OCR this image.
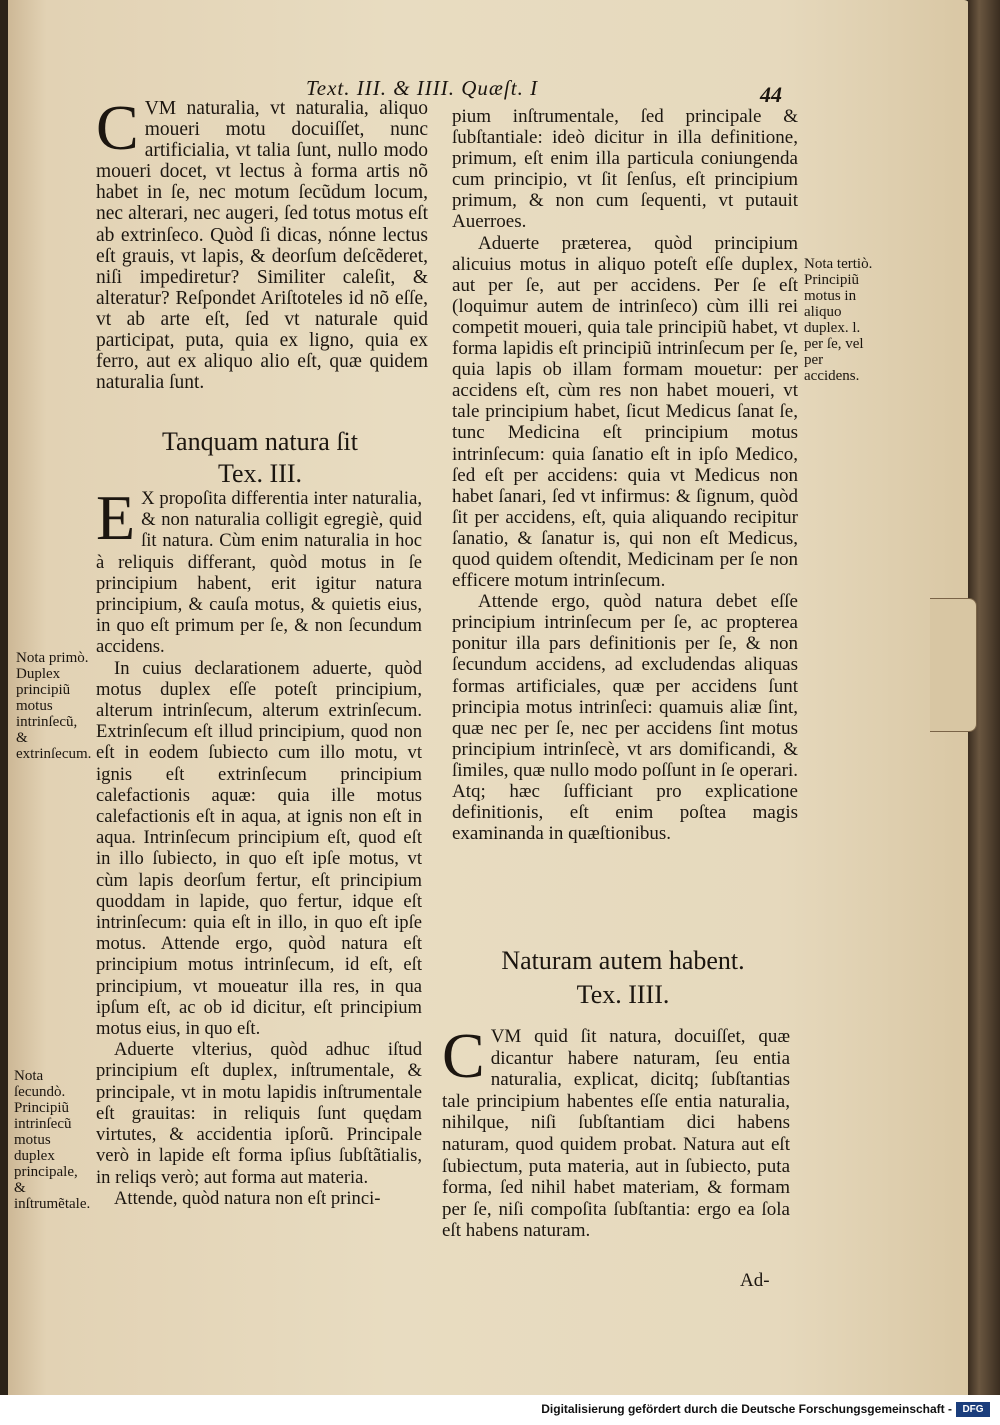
Text. III. & IIII. Quæſt. I	44

CVM naturalia, vt naturalia, aliquo moueri motu docuiſſet, nunc artificialia, vt talia ſunt, nullo modo moueri docet, vt lectus à forma artis nõ habet in ſe, nec motum ſecũdum locum, nec alterari, nec augeri, ſed totus motus eſt ab extrinſeco. Quòd ſi dicas, nónne lectus eſt grauis, vt lapis, & deorſum deſcẽderet, niſi impediretur? Similiter caleſit, & alteratur? Reſpondet Ariſtoteles id nõ eſſe, vt ab arte eſt, ſed vt naturale quid participat, puta, quia ex ligno, quia ex ferro, aut ex aliquo alio eſt, quæ quidem naturalia ſunt.

Tanquam natura ſit
Tex. III.

E X propoſita differentia inter naturalia, & non naturalia colligit egregiè, quid ſit natura. Cùm enim naturalia in hoc à reliquis differant, quòd motus in ſe principium habent, erit igitur natura principium, & cauſa motus, & quietis eius, in quo eſt primum per ſe, & non ſecundum accidens.

In cuius declarationem aduerte, quòd motus duplex eſſe poteſt principium, alterum intrinſecum, alterum extrinſecum. Extrinſecum eſt illud principium, quod non eſt in eodem ſubiecto cum illo motu, vt ignis eſt extrinſecum principium calefactionis aquæ: quia ille motus calefactionis eſt in aqua, at ignis non eſt in aqua. Intrinſecum principium eſt, quod eſt in illo ſubiecto, in quo eſt ipſe motus, vt cùm lapis deorſum fertur, eſt principium quoddam in lapide, quo fertur, idque eſt intrinſecum: quia eſt in illo, in quo eſt ipſe motus. Attende ergo, quòd natura eſt principium motus intrinſecum, id eſt, eſt principium, vt moueatur illa res, in qua ipſum eſt, ac ob id dicitur, eſt principium motus eius, in quo eſt.

Aduerte vlterius, quòd adhuc iſtud principium eſt duplex, inſtrumentale, & principale, vt in motu lapidis inſtrumentale eſt grauitas: in reliquis ſunt quędam virtutes, & accidentia ipſorũ. Principale verò in lapide eſt forma ipſius ſubſtãtialis, in reliqs verò; aut forma aut materia.

Attende, quòd natura non eſt princi-

Nota primò. Duplex principiũ motus intrinſecũ, & extrinſecum.
Nota ſecundò. Principiũ intrinſecũ motus duplex principale, & inſtrumẽtale.

pium inſtrumentale, ſed principale & ſubſtantiale: ideò dicitur in illa definitione, primum, eſt enim illa particula coniungenda cum principio, vt ſit ſenſus, eſt principium primum, & non cum ſequenti, vt putauit Auerroes.

Aduerte præterea, quòd principium alicuius motus in aliquo poteſt eſſe duplex, aut per ſe, aut per accidens. Per ſe eſt (loquimur autem de intrinſeco) cùm illi rei competit moueri, quia tale principiũ habet, vt forma lapidis eſt principiũ intrinſecum per ſe, quia lapis ob illam formam mouetur: per accidens eſt, cùm res non habet moueri, vt tale principium habet, ſicut Medicus ſanat ſe, tunc Medicina eſt principium motus intrinſecum: quia ſanatio eſt in ipſo Medico, ſed eſt per accidens: quia vt Medicus non habet ſanari, ſed vt infirmus: & ſignum, quòd ſit per accidens, eſt, quia aliquando recipitur ſanatio, & ſanatur is, qui non eſt Medicus, quod quidem oſtendit, Medicinam per ſe non efficere motum intrinſecum.

Attende ergo, quòd natura debet eſſe principium intrinſecum per ſe, ac propterea ponitur illa pars definitionis per ſe, & non ſecundum accidens, ad excludendas aliquas formas artificiales, quæ per accidens ſunt principia motus intrinſeci: quamuis aliæ ſint, quæ nec per ſe, nec per accidens ſint motus principium intrinſecè, vt ars domificandi, & ſimiles, quæ nullo modo poſſunt in ſe operari. Atq; hæc ſufficiant pro explicatione definitionis, eſt enim poſtea magis examinanda in quæſtionibus.

Nota tertiò. Principiũ motus in aliquo duplex. l. per ſe, vel per accidens.
Naturam autem habent.
Tex. IIII.

CVM quid ſit natura, docuiſſet, quæ dicantur habere naturam, ſeu entia naturalia, explicat, dicitq; ſubſtantias tale principium habentes eſſe entia naturalia, nihilque, niſi ſubſtantiam dici habens naturam, quod quidem probat. Natura aut eſt ſubiectum, puta materia, aut in ſubiecto, puta forma, ſed nihil habet materiam, & formam per ſe, niſi compoſita ſubſtantia: ergo ea ſola eſt habens naturam.

Ad-
Digitalisierung gefördert durch die Deutsche Forschungsgemeinschaft -	DFG
